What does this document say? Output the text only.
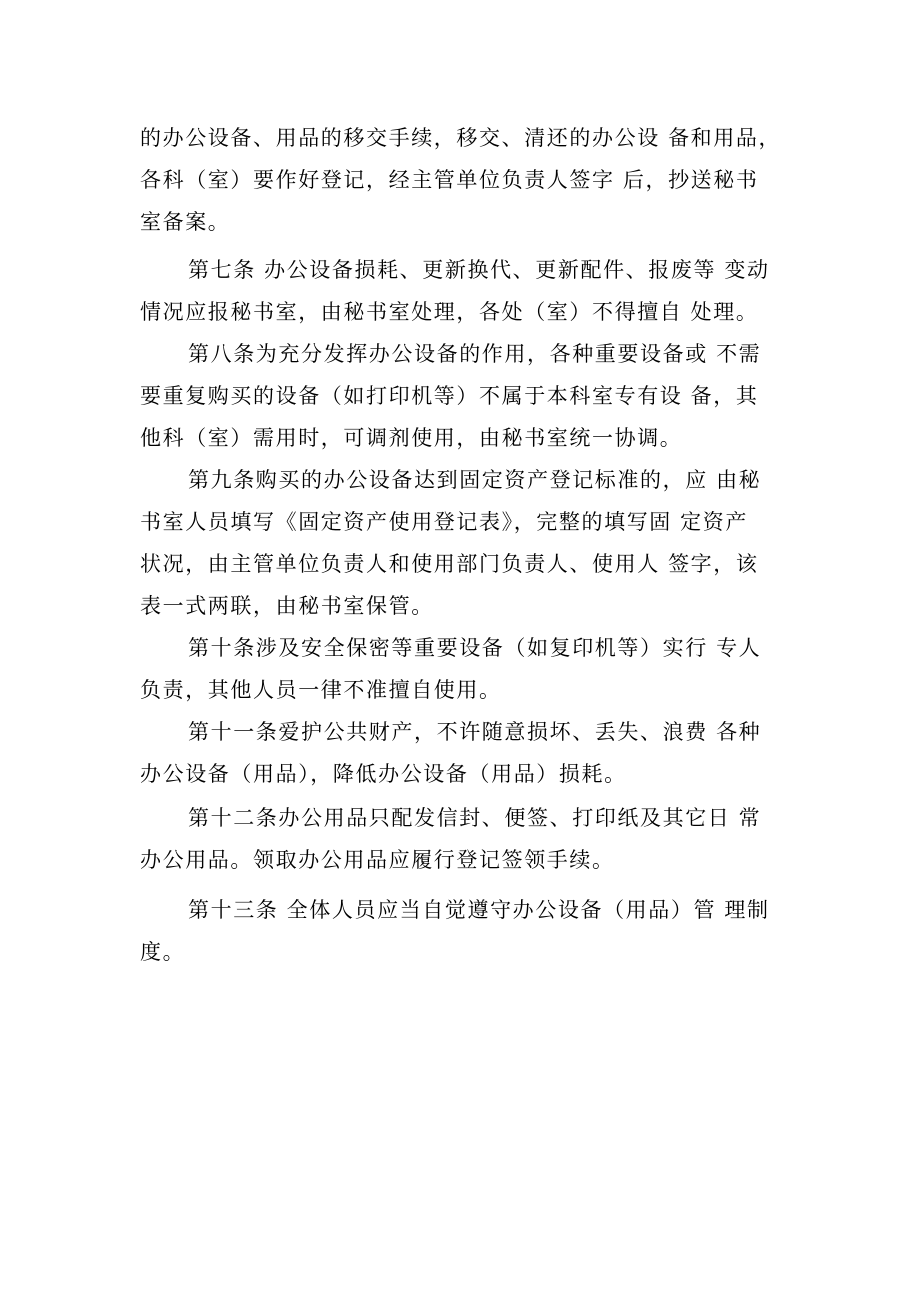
的办公设备、用品的移交手续，移交、清还的办公设 备和用品，
各科（室）要作好登记，经主管单位负责人签字 后，抄送秘书
室备案。

第七条 办公设备损耗、更新换代、更新配件、报废等 变动
情况应报秘书室，由秘书室处理，各处（室）不得擅自 处理。

第八条为充分发挥办公设备的作用，各种重要设备或 不需
要重复购买的设备（如打印机等）不属于本科室专有设 备，其
他科（室）需用时，可调剂使用，由秘书室统一协调。

第九条购买的办公设备达到固定资产登记标准的，应 由秘
书室人员填写《固定资产使用登记表》，完整的填写固 定资产
状况，由主管单位负责人和使用部门负责人、使用人 签字，该
表一式两联，由秘书室保管。

第十条涉及安全保密等重要设备（如复印机等）实行 专人
负责，其他人员一律不准擅自使用。

第十一条爱护公共财产，不许随意损坏、丢失、浪费 各种
办公设备（用品），降低办公设备（用品）损耗。

第十二条办公用品只配发信封、便签、打印纸及其它日 常
办公用品。领取办公用品应履行登记签领手续。

第十三条 全体人员应当自觉遵守办公设备（用品）管 理制
度。
